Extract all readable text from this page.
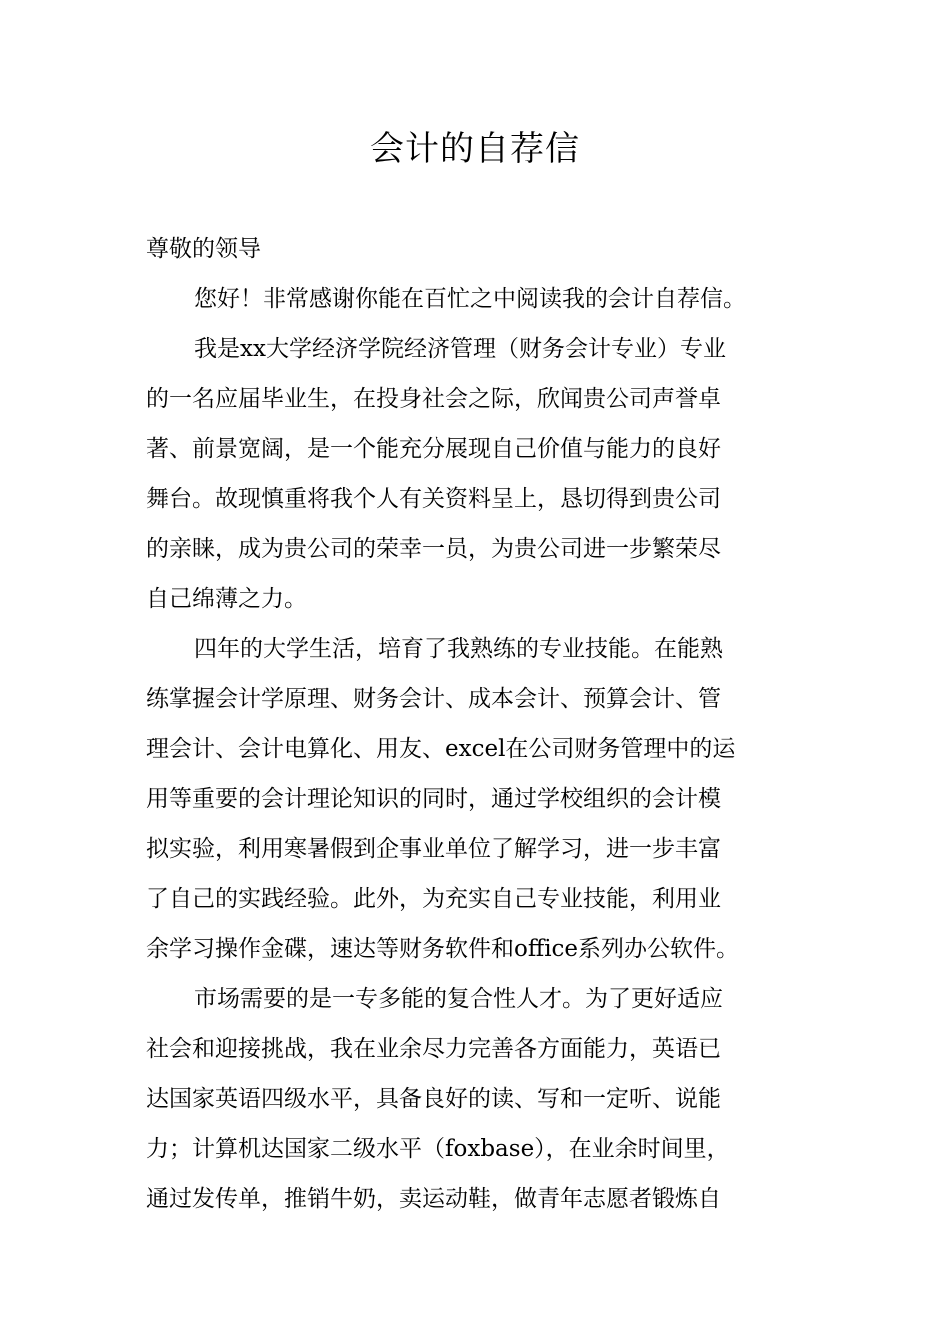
会计的自荐信
尊敬的领导
您好！非常感谢你能在百忙之中阅读我的会计自荐信。
我是xx大学经济学院经济管理（财务会计专业）专业
的一名应届毕业生，在投身社会之际，欣闻贵公司声誉卓
著、前景宽阔，是一个能充分展现自己价值与能力的良好
舞台。故现慎重将我个人有关资料呈上，恳切得到贵公司
的亲睐，成为贵公司的荣幸一员，为贵公司进一步繁荣尽
自己绵薄之力。
四年的大学生活，培育了我熟练的专业技能。在能熟
练掌握会计学原理、财务会计、成本会计、预算会计、管
理会计、会计电算化、用友、excel在公司财务管理中的运
用等重要的会计理论知识的同时，通过学校组织的会计模
拟实验，利用寒暑假到企事业单位了解学习，进一步丰富
了自己的实践经验。此外，为充实自己专业技能，利用业
余学习操作金碟，速达等财务软件和office系列办公软件。
市场需要的是一专多能的复合性人才。为了更好适应
社会和迎接挑战，我在业余尽力完善各方面能力，英语已
达国家英语四级水平，具备良好的读、写和一定听、说能
力；计算机达国家二级水平（foxbase），在业余时间里，
通过发传单，推销牛奶，卖运动鞋，做青年志愿者锻炼自
